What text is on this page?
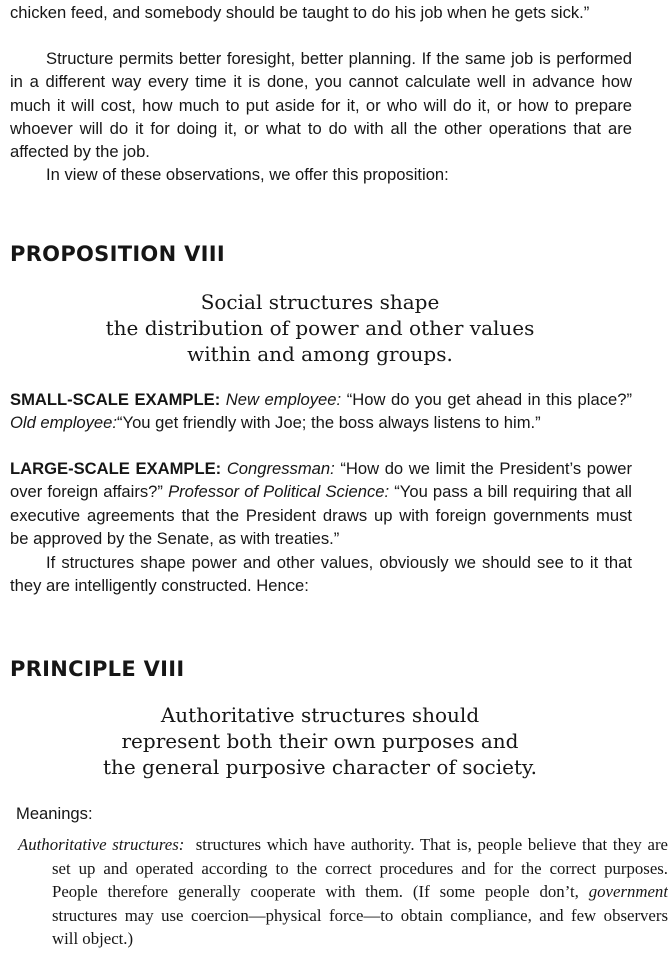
chicken feed, and somebody should be taught to do his job when he gets sick.”

Structure permits better foresight, better planning. If the same job is performed in a different way every time it is done, you cannot calculate well in advance how much it will cost, how much to put aside for it, or who will do it, or how to prepare whoever will do it for doing it, or what to do with all the other operations that are affected by the job.

In view of these observations, we offer this proposition:

PROPOSITION VIII
Social structures shape
the distribution of power and other values
within and among groups.

SMALL-SCALE EXAMPLE: New employee: “How do you get ahead in this place?” Old employee:“You get friendly with Joe; the boss always listens to him.”

LARGE-SCALE EXAMPLE: Congressman: “How do we limit the President’s power over foreign affairs?” Professor of Political Science: “You pass a bill requiring that all executive agreements that the President draws up with foreign governments must be approved by the Senate, as with treaties.”

If structures shape power and other values, obviously we should see to it that they are intelligently constructed. Hence:

PRINCIPLE VIII
Authoritative structures should
represent both their own purposes and
the general purposive character of society.

Meanings:

Authoritative structures: structures which have authority. That is, people believe that they are set up and operated according to the correct procedures and for the correct purposes. People therefore generally cooperate with them. (If some people don’t, government structures may use coercion—physical force—to obtain compliance, and few observers will object.)
